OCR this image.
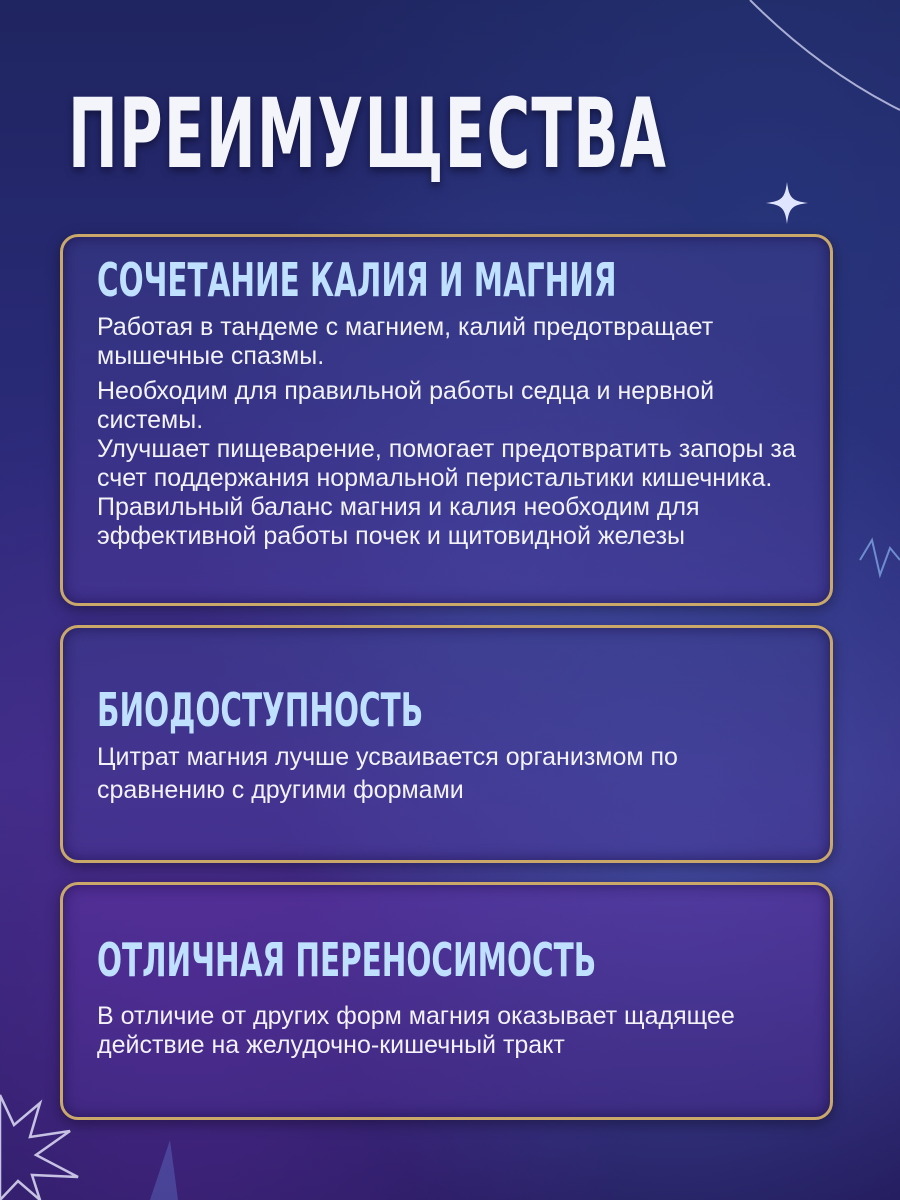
ПРЕИМУЩЕСТВА
СОЧЕТАНИЕ КАЛИЯ И МАГНИЯ

Работая в тандеме с магнием, калий предотвращает мышечные спазмы.

Необходим для правильной работы седца и нервной системы.

Улучшает пищеварение, помогает предотвратить запоры за счет поддержания нормальной перистальтики кишечника.

Правильный баланс магния и калия необходим для эффективной работы почек и щитовидной железы

БИОДОСТУПНОСТЬ

Цитрат магния лучше усваивается организмом по сравнению с другими формами

ОТЛИЧНАЯ ПЕРЕНОСИМОСТЬ

В отличие от других форм магния оказывает щадящее действие на желудочно-кишечный тракт
